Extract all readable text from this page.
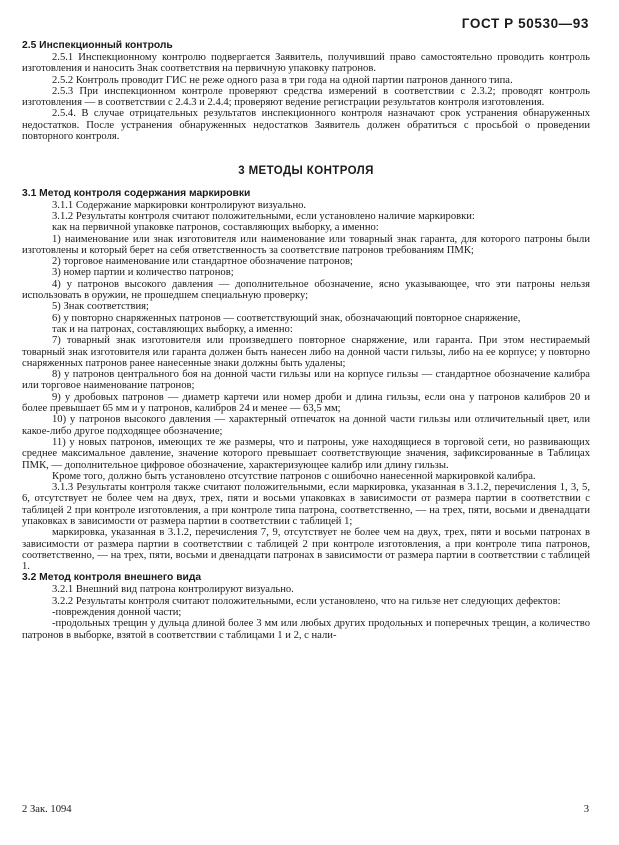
ГОСТ Р 50530—93

2.5 Инспекционный контроль

2.5.1 Инспекционному контролю подвергается Заявитель, получивший право самостоятельно проводить контроль изготовления и наносить Знак соответствия на первичную упаковку патронов.

2.5.2 Контроль проводит ГИС не реже одного раза в три года на одной партии патронов данного типа.

2.5.3 При инспекционном контроле проверяют средства измерений в соответствии с 2.3.2; проводят контроль изготовления — в соответствии с 2.4.3 и 2.4.4; проверяют ведение регистрации результатов контроля изготовления.

2.5.4. В случае отрицательных результатов инспекционного контроля назначают срок устранения обнаруженных недостатков. После устранения обнаруженных недостатков Заявитель должен обратиться с просьбой о проведении повторного контроля.

3 МЕТОДЫ КОНТРОЛЯ

3.1 Метод контроля содержания маркировки

3.1.1 Содержание маркировки контролируют визуально.

3.1.2 Результаты контроля считают положительными, если установлено наличие маркировки:

как на первичной упаковке патронов, составляющих выборку, а именно:

1) наименование или знак изготовителя или наименование или товарный знак гаранта, для которого патроны были изготовлены и который берет на себя ответственность за соответствие патронов требованиям ПМК;

2) торговое наименование или стандартное обозначение патронов;

3) номер партии и количество патронов;

4) у патронов высокого давления — дополнительное обозначение, ясно указывающее, что эти патроны нельзя использовать в оружии, не прошедшем специальную проверку;

5) Знак соответствия;

6) у повторно снаряженных патронов — соответствующий знак, обозначающий повторное снаряжение,

так и на патронах, составляющих выборку, а именно:

7) товарный знак изготовителя или произведшего повторное снаряжение, или гаранта. При этом нестираемый товарный знак изготовителя или гаранта должен быть нанесен либо на донной части гильзы, либо на ее корпусе; у повторно снаряженных патронов ранее нанесенные знаки должны быть удалены;

8) у патронов центрального боя на донной части гильзы или на корпусе гильзы — стандартное обозначение калибра или торговое наименование патронов;

9) у дробовых патронов — диаметр картечи или номер дроби и длина гильзы, если она у патронов калибров 20 и более превышает 65 мм и у патронов, калибров 24 и менее — 63,5 мм;

10) у патронов высокого давления — характерный отпечаток на донной части гильзы или отличительный цвет, или какое-либо другое подходящее обозначение;

11) у новых патронов, имеющих те же размеры, что и патроны, уже находящиеся в торговой сети, но развивающих среднее максимальное давление, значение которого превышает соответствующие значения, зафиксированные в Таблицах ПМК, — дополнительное цифровое обозначение, характеризующее калибр или длину гильзы.

Кроме того, должно быть установлено отсутствие патронов с ошибочно нанесенной маркировкой калибра.

3.1.3 Результаты контроля также считают положительными, если маркировка, указанная в 3.1.2, перечисления 1, 3, 5, 6, отсутствует не более чем на двух, трех, пяти и восьми упаковках в зависимости от размера партии в соответствии с таблицей 2 при контроле изготовления, а при контроле типа патрона, соответственно, — на трех, пяти, восьми и двенадцати упаковках в зависимости от размера партии в соответствии с таблицей 1;

маркировка, указанная в 3.1.2, перечисления 7, 9, отсутствует не более чем на двух, трех, пяти и восьми патронах в зависимости от размера партии в соответствии с таблицей 2 при контроле изготовления, а при контроле типа патронов, соответственно, — на трех, пяти, восьми и двенадцати патронах в зависимости от размера партии в соответствии с таблицей 1.

3.2 Метод контроля внешнего вида

3.2.1 Внешний вид патрона контролируют визуально.

3.2.2 Результаты контроля считают положительными, если установлено, что на гильзе нет следующих дефектов:

-повреждения донной части;

-продольных трещин у дульца длиной более 3 мм или любых других продольных и поперечных трещин, а количество патронов в выборке, взятой в соответствии с таблицами 1 и 2, с нали-

2 Зак. 1094	3
